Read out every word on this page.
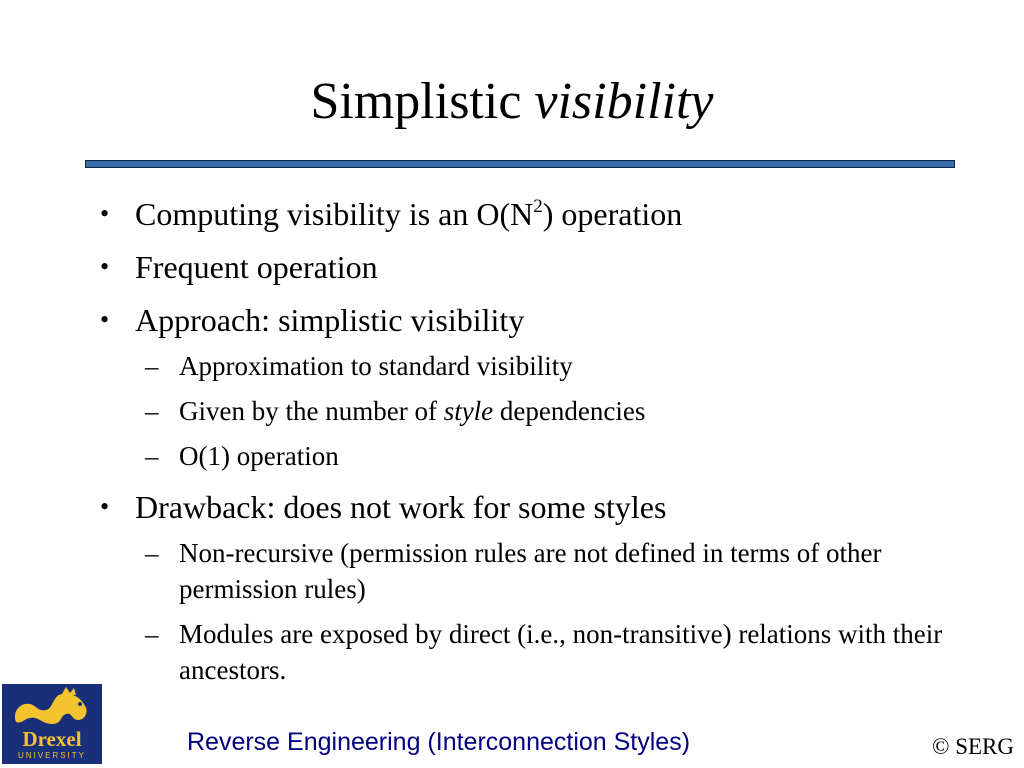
Simplistic visibility
• Computing visibility is an $O(N^2)$ operation
• Frequent operation
• Approach: simplistic visibility
– Approximation to standard visibility
– Given by the number of style dependencies
– O(1) operation
• Drawback: does not work for some styles
– Non-recursive (permission rules are not defined in terms of other permission rules)
– Modules are exposed by direct (i.e., non-transitive) relations with their ancestors.
Drexel
UNIVERSITY	Reverse Engineering (Interconnection Styles)	© SERG
